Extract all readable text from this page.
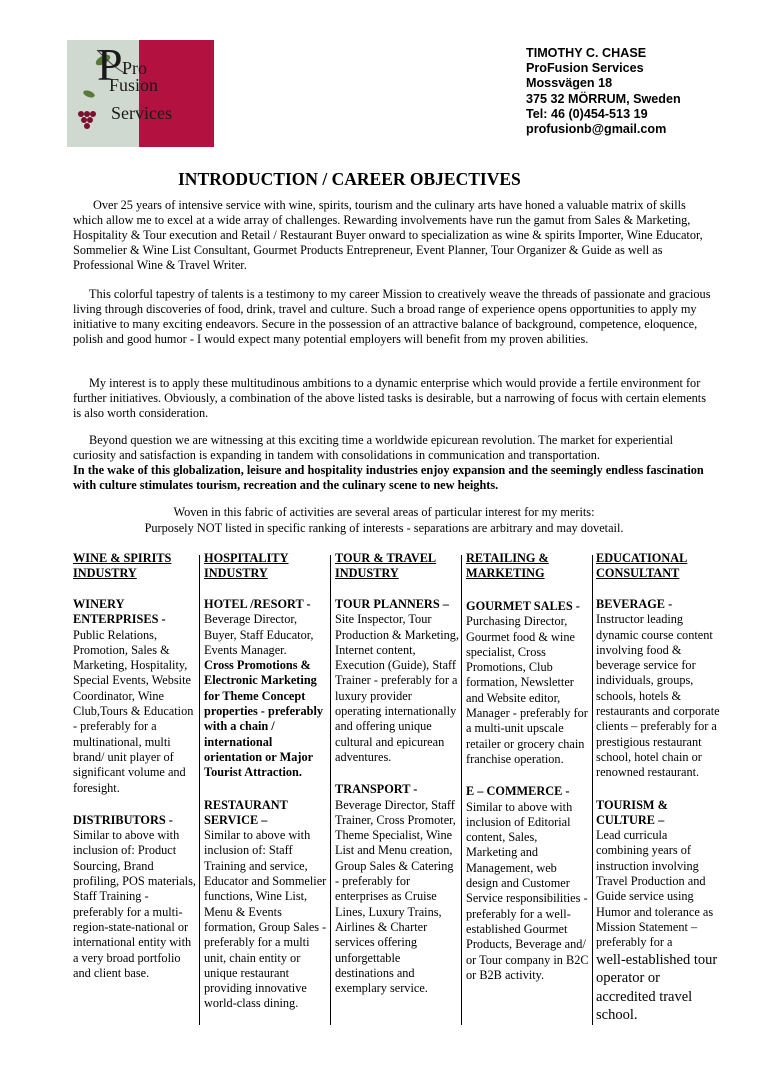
P Pro
Fusion
Services
TIMOTHY C. CHASE
ProFusion Services
Mossvägen 18
375 32 MÖRRUM, Sweden
Tel: 46 (0)454-513 19
profusionb@gmail.com
INTRODUCTION / CAREER OBJECTIVES

Over 25 years of intensive service with wine, spirits, tourism and the culinary arts have honed a valuable matrix of skills which allow me to excel at a wide array of challenges. Rewarding involvements have run the gamut from Sales & Marketing, Hospitality & Tour execution and Retail / Restaurant Buyer onward to specialization as wine & spirits Importer, Wine Educator, Sommelier & Wine List Consultant, Gourmet Products Entrepreneur, Event Planner, Tour Organizer & Guide as well as Professional Wine & Travel Writer.

This colorful tapestry of talents is a testimony to my career Mission to creatively weave the threads of passionate and gracious living through discoveries of food, drink, travel and culture. Such a broad range of experience opens opportunities to apply my initiative to many exciting endeavors. Secure in the possession of an attractive balance of background, competence, eloquence, polish and good humor - I would expect many potential employers will benefit from my proven abilities.

My interest is to apply these multitudinous ambitions to a dynamic enterprise which would provide a fertile environment for further initiatives. Obviously, a combination of the above listed tasks is desirable, but a narrowing of focus with certain elements is also worth consideration.

Beyond question we are witnessing at this exciting time a worldwide epicurean revolution. The market for experiential curiosity and satisfaction is expanding in tandem with consolidations in communication and transportation.

In the wake of this globalization, leisure and hospitality industries enjoy expansion and the seemingly endless fascination with culture stimulates tourism, recreation and the culinary scene to new heights.

Woven in this fabric of activities are several areas of particular interest for my merits:
Purposely NOT listed in specific ranking of interests - separations are arbitrary and may dovetail.
WINE & SPIRITS
INDUSTRY
WINERY ENTERPRISES -
Public Relations, Promotion, Sales & Marketing, Hospitality, Special Events, Website Coordinator, Wine Club,Tours & Education - preferably for a multinational, multi brand/ unit player of significant volume and foresight.
DISTRIBUTORS -
Similar to above with inclusion of: Product Sourcing, Brand profiling, POS materials, Staff Training - preferably for a multi-region-state-national or international entity with a very broad portfolio and client base.
HOSPITALITY
INDUSTRY
HOTEL /RESORT -
Beverage Director, Buyer, Staff Educator, Events Manager.
Cross Promotions & Electronic Marketing for Theme Concept properties - preferably with a chain / international orientation or Major Tourist Attraction.
RESTAURANT SERVICE –
Similar to above with inclusion of: Staff Training and service, Educator and Sommelier functions, Wine List, Menu & Events formation, Group Sales -preferably for a multi unit, chain entity or unique restaurant providing innovative world-class dining.
TOUR & TRAVEL
INDUSTRY
TOUR PLANNERS –
Site Inspector, Tour Production & Marketing, Internet content, Execution (Guide), Staff Trainer - preferably for a luxury provider operating internationally and offering unique cultural and epicurean adventures.
TRANSPORT -
Beverage Director, Staff Trainer, Cross Promoter, Theme Specialist, Wine List and Menu creation, Group Sales & Catering - preferably for enterprises as Cruise Lines, Luxury Trains, Airlines & Charter services offering unforgettable destinations and exemplary service.
RETAILING &
MARKETING
GOURMET SALES -
Purchasing Director, Gourmet food & wine specialist, Cross Promotions, Club formation, Newsletter and Website editor, Manager - preferably for a multi-unit upscale retailer or grocery chain franchise operation.
E – COMMERCE -
Similar to above with inclusion of Editorial content, Sales, Marketing and Management, web design and Customer Service responsibilities - preferably for a well-established Gourmet Products, Beverage and/ or Tour company in B2C or B2B activity.
EDUCATIONAL
CONSULTANT
BEVERAGE -
Instructor leading dynamic course content involving food & beverage service for individuals, groups, schools, hotels & restaurants and corporate clients – preferably for a prestigious restaurant school, hotel chain or renowned restaurant.
TOURISM & CULTURE –
Lead curricula combining years of instruction involving Travel Production and Guide service using Humor and tolerance as Mission Statement – preferably for a
well-established tour operator or accredited travel school.
